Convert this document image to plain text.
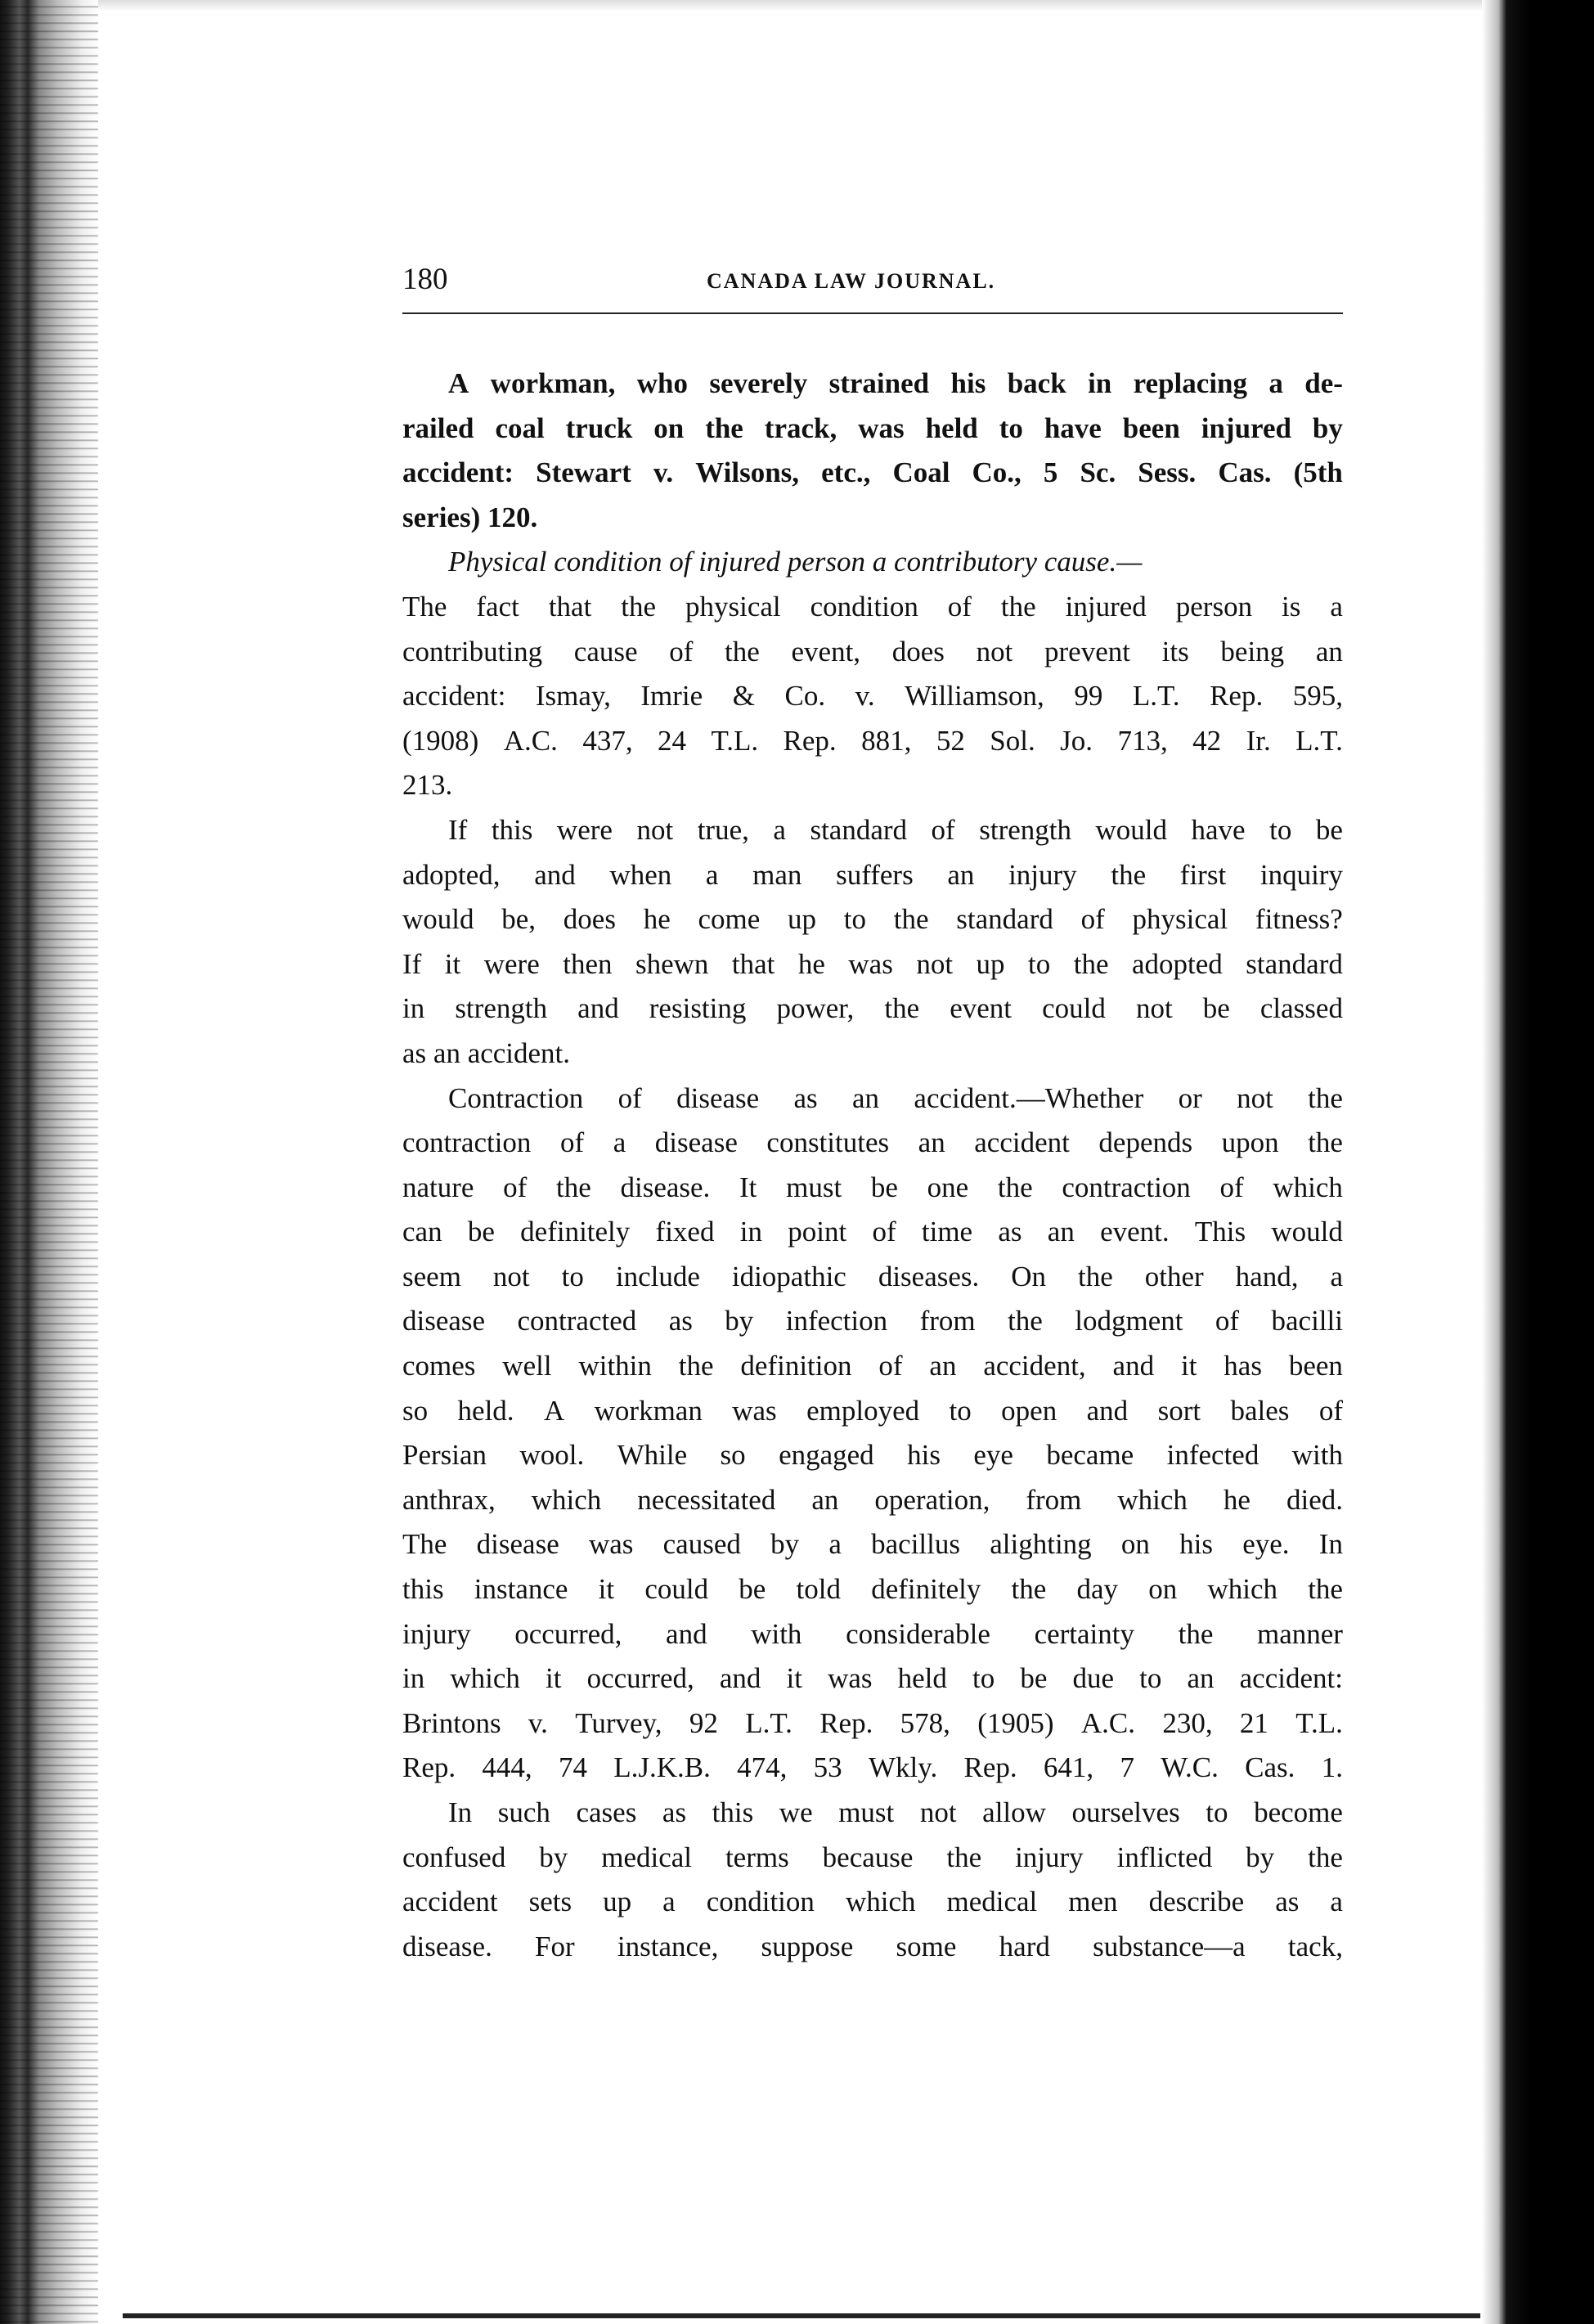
180	CANADA LAW JOURNAL.
A workman, who severely strained his back in replacing a de-
railed coal truck on the track, was held to have been injured by
accident: Stewart v. Wilsons, etc., Coal Co., 5 Sc. Sess. Cas. (5th
series) 120.
Physical condition of injured person a contributory cause.—
The fact that the physical condition of the injured person is a
contributing cause of the event, does not prevent its being an
accident: Ismay, Imrie & Co. v. Williamson, 99 L.T. Rep. 595,
(1908) A.C. 437, 24 T.L. Rep. 881, 52 Sol. Jo. 713, 42 Ir. L.T.
213.
If this were not true, a standard of strength would have to be
adopted, and when a man suffers an injury the first inquiry
would be, does he come up to the standard of physical fitness?
If it were then shewn that he was not up to the adopted standard
in strength and resisting power, the event could not be classed
as an accident.
Contraction of disease as an accident.—Whether or not the
contraction of a disease constitutes an accident depends upon the
nature of the disease. It must be one the contraction of which
can be definitely fixed in point of time as an event. This would
seem not to include idiopathic diseases. On the other hand, a
disease contracted as by infection from the lodgment of bacilli
comes well within the definition of an accident, and it has been
so held. A workman was employed to open and sort bales of
Persian wool. While so engaged his eye became infected with
anthrax, which necessitated an operation, from which he died.
The disease was caused by a bacillus alighting on his eye. In
this instance it could be told definitely the day on which the
injury occurred, and with considerable certainty the manner
in which it occurred, and it was held to be due to an accident:
Brintons v. Turvey, 92 L.T. Rep. 578, (1905) A.C. 230, 21 T.L.
Rep. 444, 74 L.J.K.B. 474, 53 Wkly. Rep. 641, 7 W.C. Cas. 1.
In such cases as this we must not allow ourselves to become
confused by medical terms because the injury inflicted by the
accident sets up a condition which medical men describe as a
disease. For instance, suppose some hard substance—a tack,
